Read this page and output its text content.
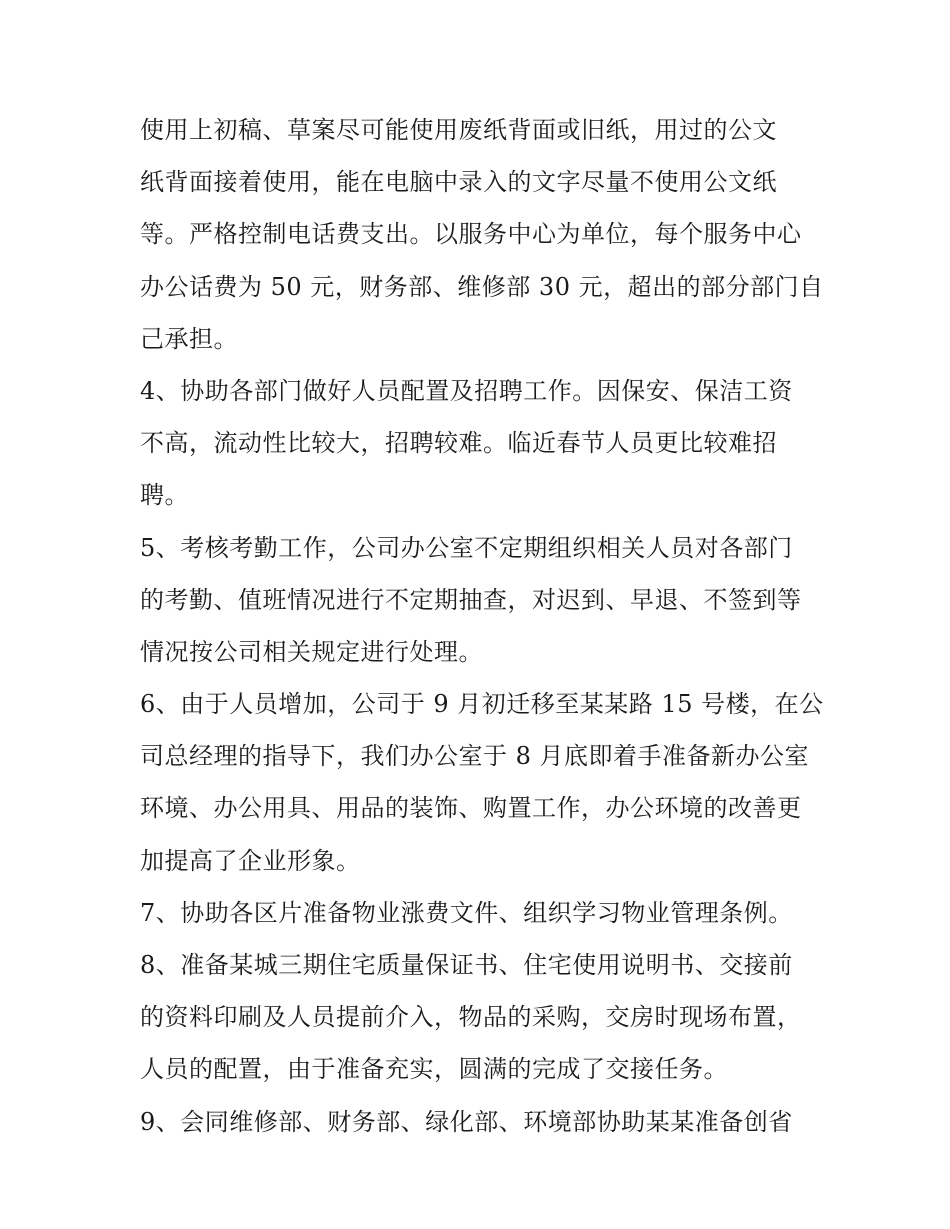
使用上初稿、草案尽可能使用废纸背面或旧纸，用过的公文
纸背面接着使用，能在电脑中录入的文字尽量不使用公文纸
等。严格控制电话费支出。以服务中心为单位，每个服务中心
办公话费为 50 元，财务部、维修部 30 元，超出的部分部门自
己承担。
4、协助各部门做好人员配置及招聘工作。因保安、保洁工资
不高，流动性比较大，招聘较难。临近春节人员更比较难招
聘。
5、考核考勤工作，公司办公室不定期组织相关人员对各部门
的考勤、值班情况进行不定期抽查，对迟到、早退、不签到等
情况按公司相关规定进行处理。
6、由于人员增加，公司于 9 月初迁移至某某路 15 号楼，在公
司总经理的指导下，我们办公室于 8 月底即着手准备新办公室
环境、办公用具、用品的装饰、购置工作，办公环境的改善更
加提高了企业形象。
7、协助各区片准备物业涨费文件、组织学习物业管理条例。
8、准备某城三期住宅质量保证书、住宅使用说明书、交接前
的资料印刷及人员提前介入，物品的采购，交房时现场布置，
人员的配置，由于准备充实，圆满的完成了交接任务。
9、会同维修部、财务部、绿化部、环境部协助某某准备创省
